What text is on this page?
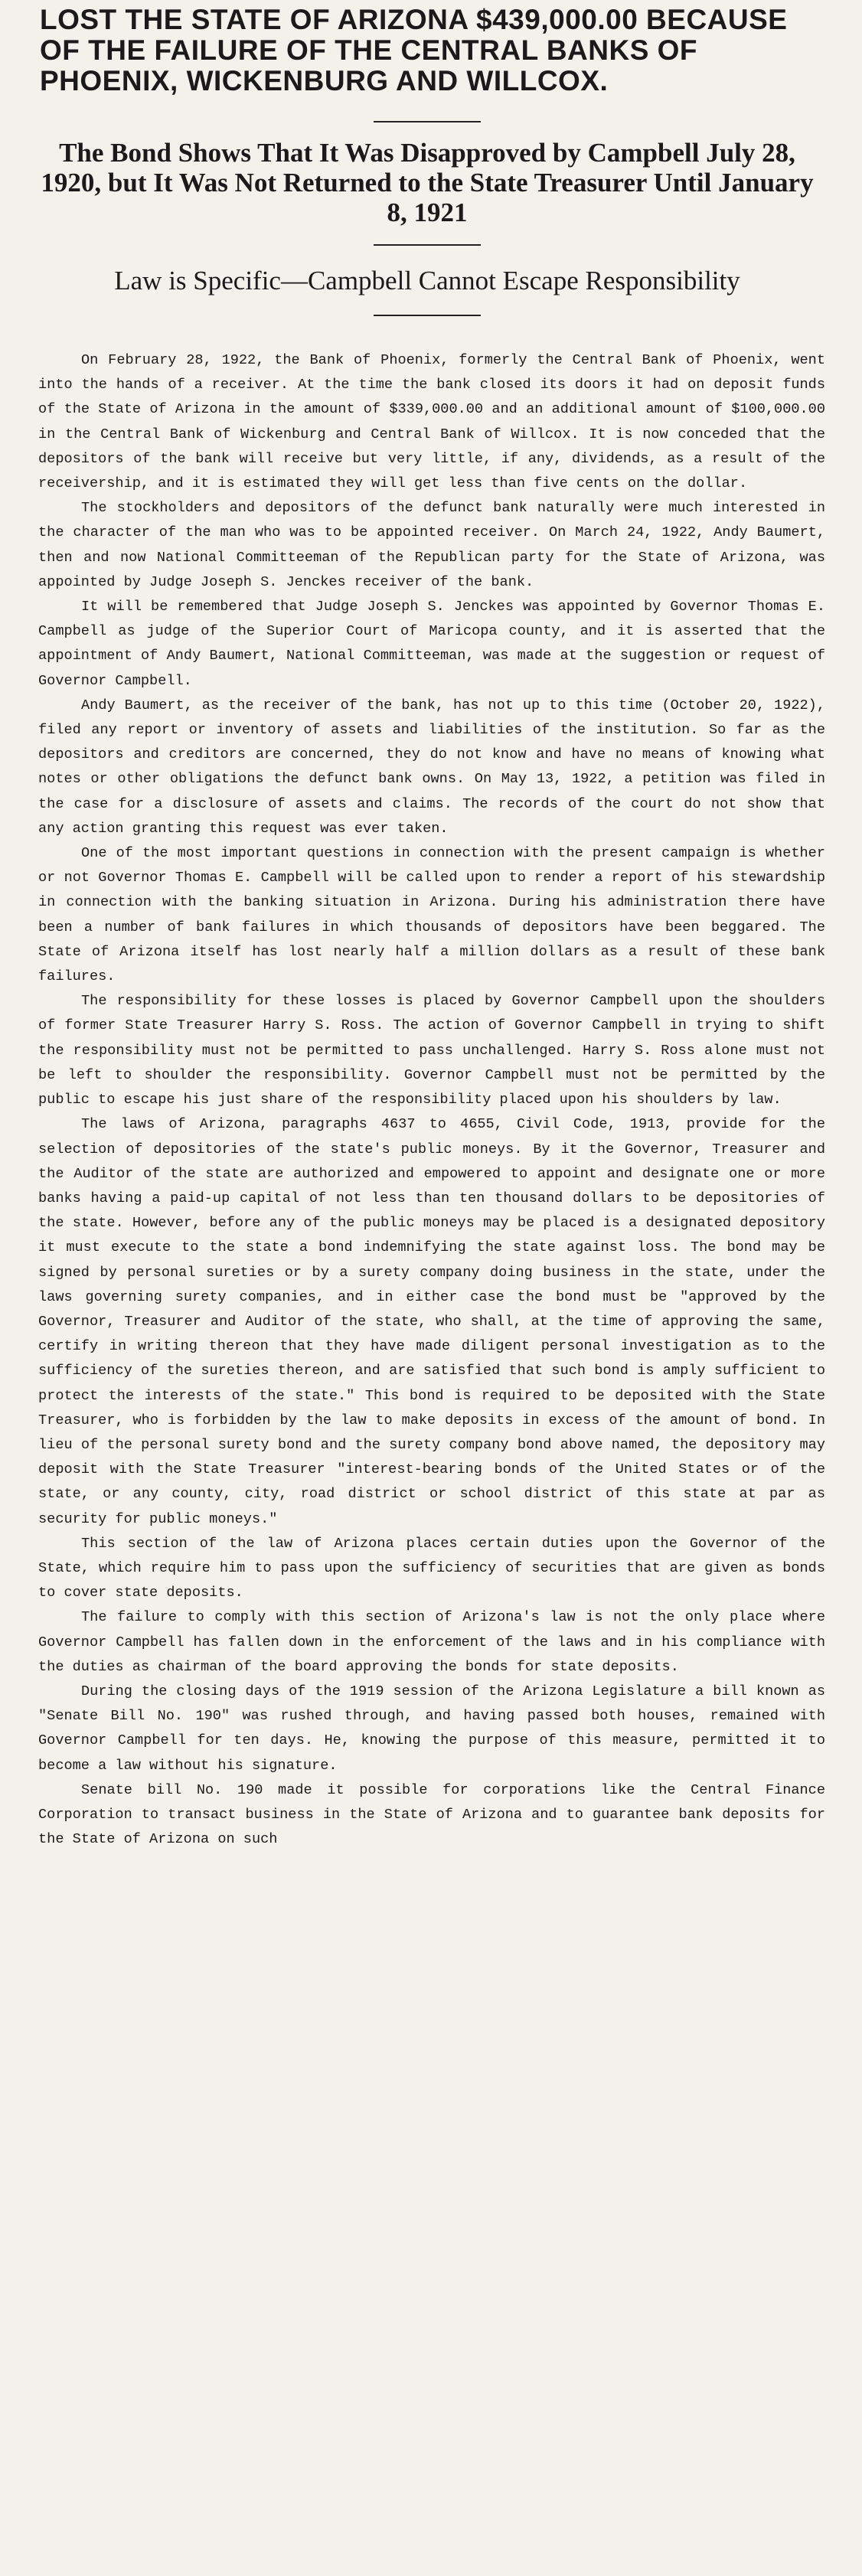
LOST THE STATE OF ARIZONA $439,000.00 BECAUSE OF THE FAILURE OF THE CENTRAL BANKS OF PHOENIX, WICKENBURG AND WILLCOX.
The Bond Shows That It Was Disapproved by Campbell July 28, 1920, but It Was Not Returned to the State Treasurer Until January 8, 1921
Law is Specific—Campbell Cannot Escape Responsibility

On February 28, 1922, the Bank of Phoenix, formerly the Central Bank of Phoenix, went into the hands of a receiver. At the time the bank closed its doors it had on deposit funds of the State of Arizona in the amount of $339,000.00 and an additional amount of $100,000.00 in the Central Bank of Wickenburg and Central Bank of Willcox. It is now conceded that the depositors of the bank will receive but very little, if any, dividends, as a result of the receivership, and it is estimated they will get less than five cents on the dollar.

The stockholders and depositors of the defunct bank naturally were much interested in the character of the man who was to be appointed receiver. On March 24, 1922, Andy Baumert, then and now National Committeeman of the Republican party for the State of Arizona, was appointed by Judge Joseph S. Jenckes receiver of the bank.

It will be remembered that Judge Joseph S. Jenckes was appointed by Governor Thomas E. Campbell as judge of the Superior Court of Maricopa county, and it is asserted that the appointment of Andy Baumert, National Committeeman, was made at the suggestion or request of Governor Campbell.

Andy Baumert, as the receiver of the bank, has not up to this time (October 20, 1922), filed any report or inventory of assets and liabilities of the institution. So far as the depositors and creditors are concerned, they do not know and have no means of knowing what notes or other obligations the defunct bank owns. On May 13, 1922, a petition was filed in the case for a disclosure of assets and claims. The records of the court do not show that any action granting this request was ever taken.

One of the most important questions in connection with the present campaign is whether or not Governor Thomas E. Campbell will be called upon to render a report of his stewardship in connection with the banking situation in Arizona. During his administration there have been a number of bank failures in which thousands of depositors have been beggared. The State of Arizona itself has lost nearly half a million dollars as a result of these bank failures.

The responsibility for these losses is placed by Governor Campbell upon the shoulders of former State Treasurer Harry S. Ross. The action of Governor Campbell in trying to shift the responsibility must not be permitted to pass unchallenged. Harry S. Ross alone must not be left to shoulder the responsibility. Governor Campbell must not be permitted by the public to escape his just share of the responsibility placed upon his shoulders by law.

The laws of Arizona, paragraphs 4637 to 4655, Civil Code, 1913, provide for the selection of depositories of the state's public moneys. By it the Governor, Treasurer and the Auditor of the state are authorized and empowered to appoint and designate one or more banks having a paid-up capital of not less than ten thousand dollars to be depositories of the state. However, before any of the public moneys may be placed is a designated depository it must execute to the state a bond indemnifying the state against loss. The bond may be signed by personal sureties or by a surety company doing business in the state, under the laws governing surety companies, and in either case the bond must be "approved by the Governor, Treasurer and Auditor of the state, who shall, at the time of approving the same, certify in writing thereon that they have made diligent personal investigation as to the sufficiency of the sureties thereon, and are satisfied that such bond is amply sufficient to protect the interests of the state." This bond is required to be deposited with the State Treasurer, who is forbidden by the law to make deposits in excess of the amount of bond. In lieu of the personal surety bond and the surety company bond above named, the depository may deposit with the State Treasurer "interest-bearing bonds of the United States or of the state, or any county, city, road district or school district of this state at par as security for public moneys."

This section of the law of Arizona places certain duties upon the Governor of the State, which require him to pass upon the sufficiency of securities that are given as bonds to cover state deposits.

The failure to comply with this section of Arizona's law is not the only place where Governor Campbell has fallen down in the enforcement of the laws and in his compliance with the duties as chairman of the board approving the bonds for state deposits.

During the closing days of the 1919 session of the Arizona Legislature a bill known as "Senate Bill No. 190" was rushed through, and having passed both houses, remained with Governor Campbell for ten days. He, knowing the purpose of this measure, permitted it to become a law without his signature.

Senate bill No. 190 made it possible for corporations like the Central Finance Corporation to transact business in the State of Arizona and to guarantee bank deposits for the State of Arizona on such
